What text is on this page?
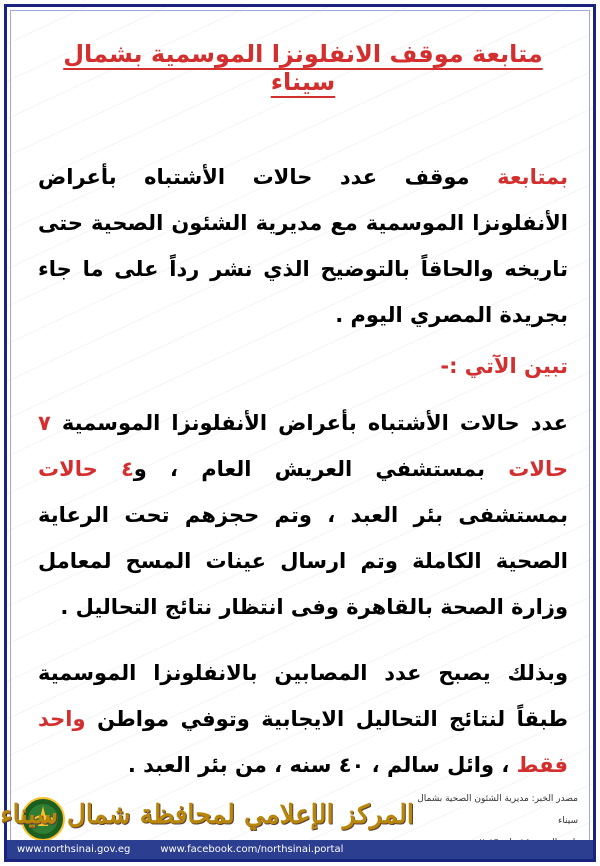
متابعة موقف الانفلونزا الموسمية بشمال سيناء

بمتابعة موقف عدد حالات الأشتباه بأعراض الأنفلونزا الموسمية مع مديرية الشئون الصحية حتى تاريخه والحاقاً بالتوضيح الذي نشر رداً على ما جاء بجريدة المصري اليوم .

تبين الآتي :-

عدد حالات الأشتباه بأعراض الأنفلونزا الموسمية ٧ حالات بمستشفي العريش العام ، و٤ حالات بمستشفى بئر العبد ، وتم حجزهم تحت الرعاية الصحية الكاملة وتم ارسال عينات المسح لمعامل وزارة الصحة بالقاهرة وفى انتظار نتائج التحاليل .

وبذلك يصبح عدد المصابين بالانفلونزا الموسمية طبقاً لنتائج التحاليل الايجابية وتوفي مواطن واحد فقط ، وائل سالم ، ٤٠ سنه ، من بئر العبد .

مصدر الخبر: مديرية الشئون الصحية بشمال سيناء
المركز الإعلامي لمحافظة شمال سيناء
www.northsinai.gov.eg	www.facebook.com/northsinai.portal
